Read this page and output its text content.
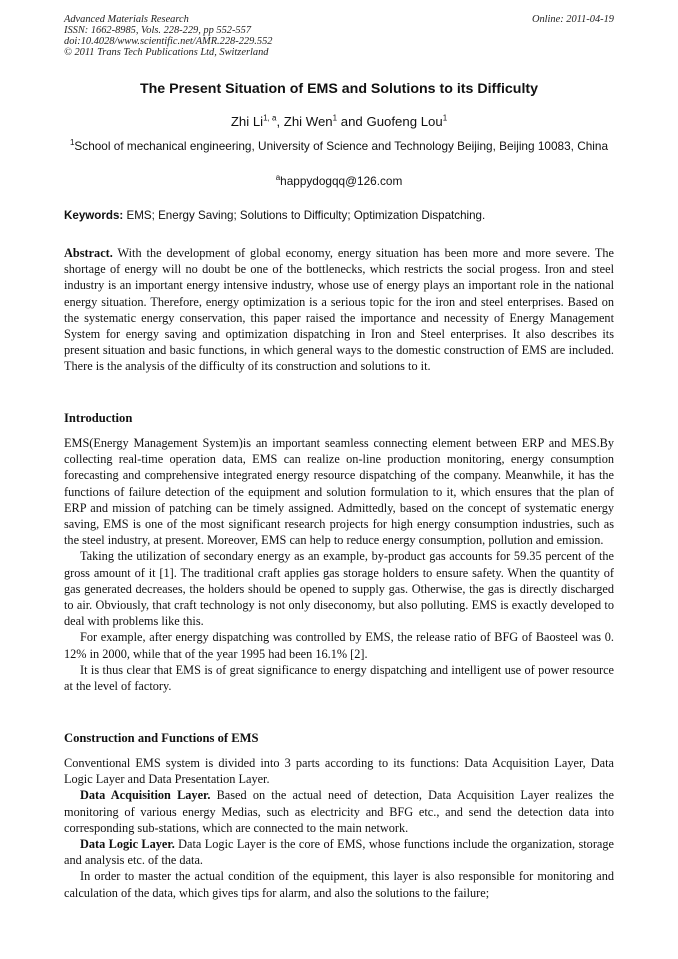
Advanced Materials Research
ISSN: 1662-8985, Vols. 228-229, pp 552-557
doi:10.4028/www.scientific.net/AMR.228-229.552
© 2011 Trans Tech Publications Ltd, Switzerland
Online: 2011-04-19
The Present Situation of EMS and Solutions to its Difficulty
Zhi Li$^{1, a}$, Zhi Wen$^1$ and Guofeng Lou$^1$
$^1$School of mechanical engineering, University of Science and Technology Beijing, Beijing 10083, China
$^a$happydogqq@126.com
Keywords: EMS; Energy Saving; Solutions to Difficulty; Optimization Dispatching.

Abstract. With the development of global economy, energy situation has been more and more severe. The shortage of energy will no doubt be one of the bottlenecks, which restricts the social progess. Iron and steel industry is an important energy intensive industry, whose use of energy plays an important role in the national energy situation. Therefore, energy optimization is a serious topic for the iron and steel enterprises. Based on the systematic energy conservation, this paper raised the importance and necessity of Energy Management System for energy saving and optimization dispatching in Iron and Steel enterprises. It also describes its present situation and basic functions, in which general ways to the domestic construction of EMS are included. There is the analysis of the difficulty of its construction and solutions to it.

Introduction

EMS(Energy Management System)is an important seamless connecting element between ERP and MES.By collecting real-time operation data, EMS can realize on-line production monitoring, energy consumption forecasting and comprehensive integrated energy resource dispatching of the company. Meanwhile, it has the functions of failure detection of the equipment and solution formulation to it, which ensures that the plan of ERP and mission of patching can be timely assigned. Admittedly, based on the concept of systematic energy saving, EMS is one of the most significant research projects for high energy consumption industries, such as the steel industry, at present. Moreover, EMS can help to reduce energy consumption, pollution and emission.

Taking the utilization of secondary energy as an example, by-product gas accounts for 59.35 percent of the gross amount of it [1]. The traditional craft applies gas storage holders to ensure safety. When the quantity of gas generated decreases, the holders should be opened to supply gas. Otherwise, the gas is directly discharged to air. Obviously, that craft technology is not only diseconomy, but also polluting. EMS is exactly developed to deal with problems like this.

For example, after energy dispatching was controlled by EMS, the release ratio of BFG of Baosteel was 0. 12% in 2000, while that of the year 1995 had been 16.1% [2].

It is thus clear that EMS is of great significance to energy dispatching and intelligent use of power resource at the level of factory.

Construction and Functions of EMS

Conventional EMS system is divided into 3 parts according to its functions: Data Acquisition Layer, Data Logic Layer and Data Presentation Layer.

Data Acquisition Layer. Based on the actual need of detection, Data Acquisition Layer realizes the monitoring of various energy Medias, such as electricity and BFG etc., and send the detection data into corresponding sub-stations, which are connected to the main network.

Data Logic Layer. Data Logic Layer is the core of EMS, whose functions include the organization, storage and analysis etc. of the data.

In order to master the actual condition of the equipment, this layer is also responsible for monitoring and calculation of the data, which gives tips for alarm, and also the solutions to the failure;
